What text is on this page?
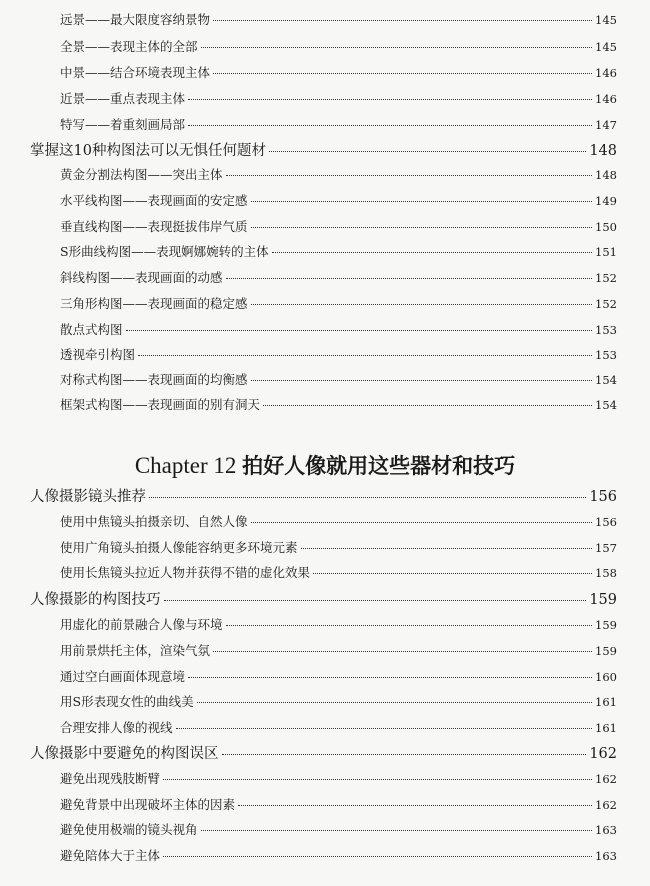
远景——最大限度容纳景物	145
全景——表现主体的全部	145
中景——结合环境表现主体	146
近景——重点表现主体	146
特写——着重刻画局部	147
掌握这10种构图法可以无惧任何题材	148
黄金分割法构图——突出主体	148
水平线构图——表现画面的安定感	149
垂直线构图——表现挺拔伟岸气质	150
S形曲线构图——表现婀娜婉转的主体	151
斜线构图——表现画面的动感	152
三角形构图——表现画面的稳定感	152
散点式构图	153
透视牵引构图	153
对称式构图——表现画面的均衡感	154
框架式构图——表现画面的别有洞天	154
Chapter 12 拍好人像就用这些器材和技巧
人像摄影镜头推荐	156
使用中焦镜头拍摄亲切、自然人像	156
使用广角镜头拍摄人像能容纳更多环境元素	157
使用长焦镜头拉近人物并获得不错的虚化效果	158
人像摄影的构图技巧	159
用虚化的前景融合人像与环境	159
用前景烘托主体，渲染气氛	159
通过空白画面体现意境	160
用S形表现女性的曲线美	161
合理安排人像的视线	161
人像摄影中要避免的构图误区	162
避免出现残肢断臂	162
避免背景中出现破坏主体的因素	162
避免使用极端的镜头视角	163
避免陪体大于主体	163
